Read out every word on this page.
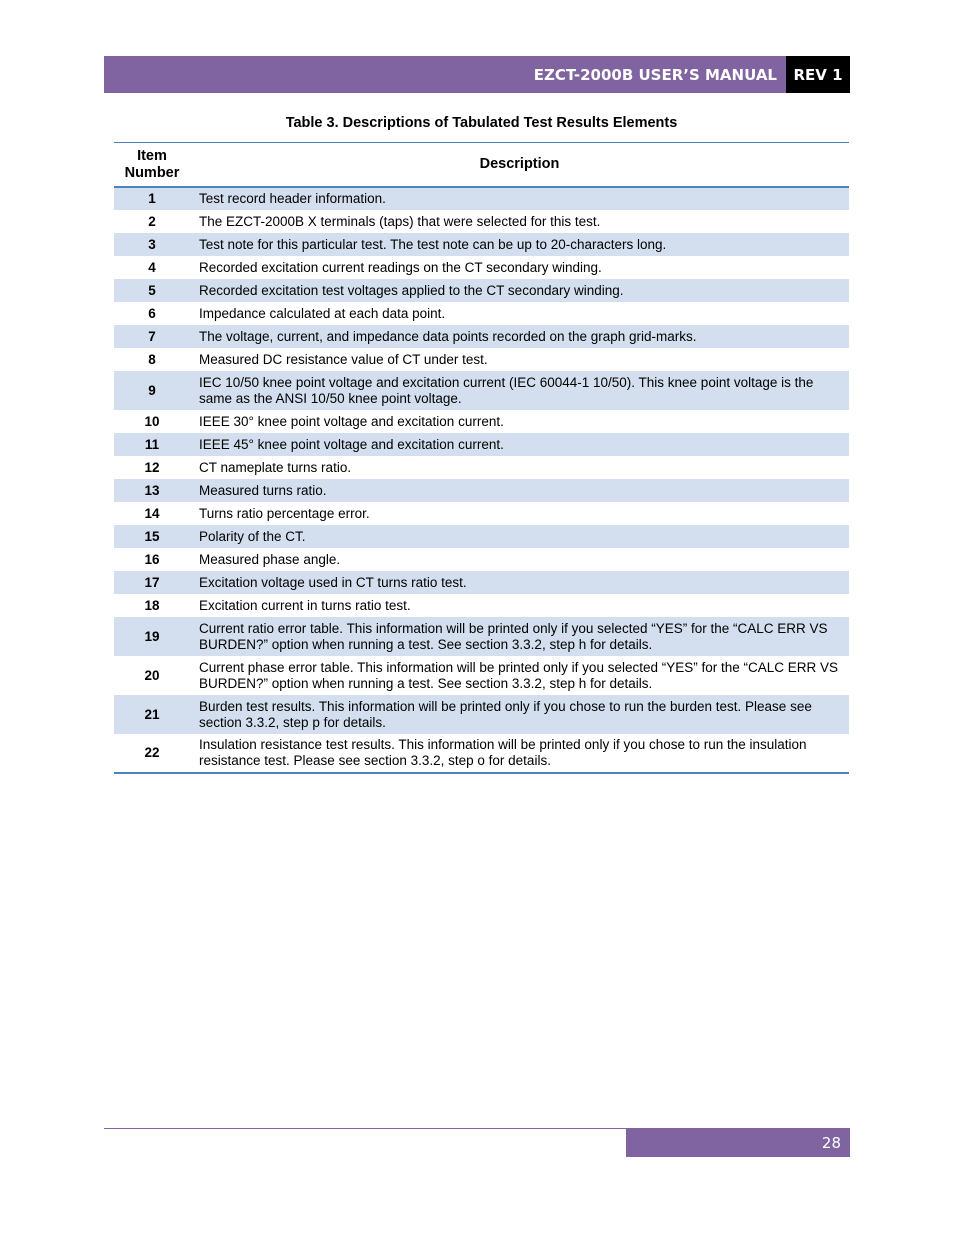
EZCT-2000B USER’S MANUAL	REV 1
Table 3. Descriptions of Tabulated Test Results Elements
Item
Number	Description
1	Test record header information.
2	The EZCT-2000B X terminals (taps) that were selected for this test.
3	Test note for this particular test. The test note can be up to 20-characters long.
4	Recorded excitation current readings on the CT secondary winding.
5	Recorded excitation test voltages applied to the CT secondary winding.
6	Impedance calculated at each data point.
7	The voltage, current, and impedance data points recorded on the graph grid-marks.
8	Measured DC resistance value of CT under test.
9	IEC 10/50 knee point voltage and excitation current (IEC 60044-1 10/50). This knee point voltage is the same as the ANSI 10/50 knee point voltage.
10	IEEE 30° knee point voltage and excitation current.
11	IEEE 45° knee point voltage and excitation current.
12	CT nameplate turns ratio.
13	Measured turns ratio.
14	Turns ratio percentage error.
15	Polarity of the CT.
16	Measured phase angle.
17	Excitation voltage used in CT turns ratio test.
18	Excitation current in turns ratio test.
19	Current ratio error table. This information will be printed only if you selected “YES” for the “CALC ERR VS BURDEN?” option when running a test. See section 3.3.2, step h for details.
20	Current phase error table. This information will be printed only if you selected “YES” for the “CALC ERR VS BURDEN?” option when running a test. See section 3.3.2, step h for details.
21	Burden test results. This information will be printed only if you chose to run the burden test. Please see section 3.3.2, step p for details.
22	Insulation resistance test results. This information will be printed only if you chose to run the insulation resistance test. Please see section 3.3.2, step o for details.
28
